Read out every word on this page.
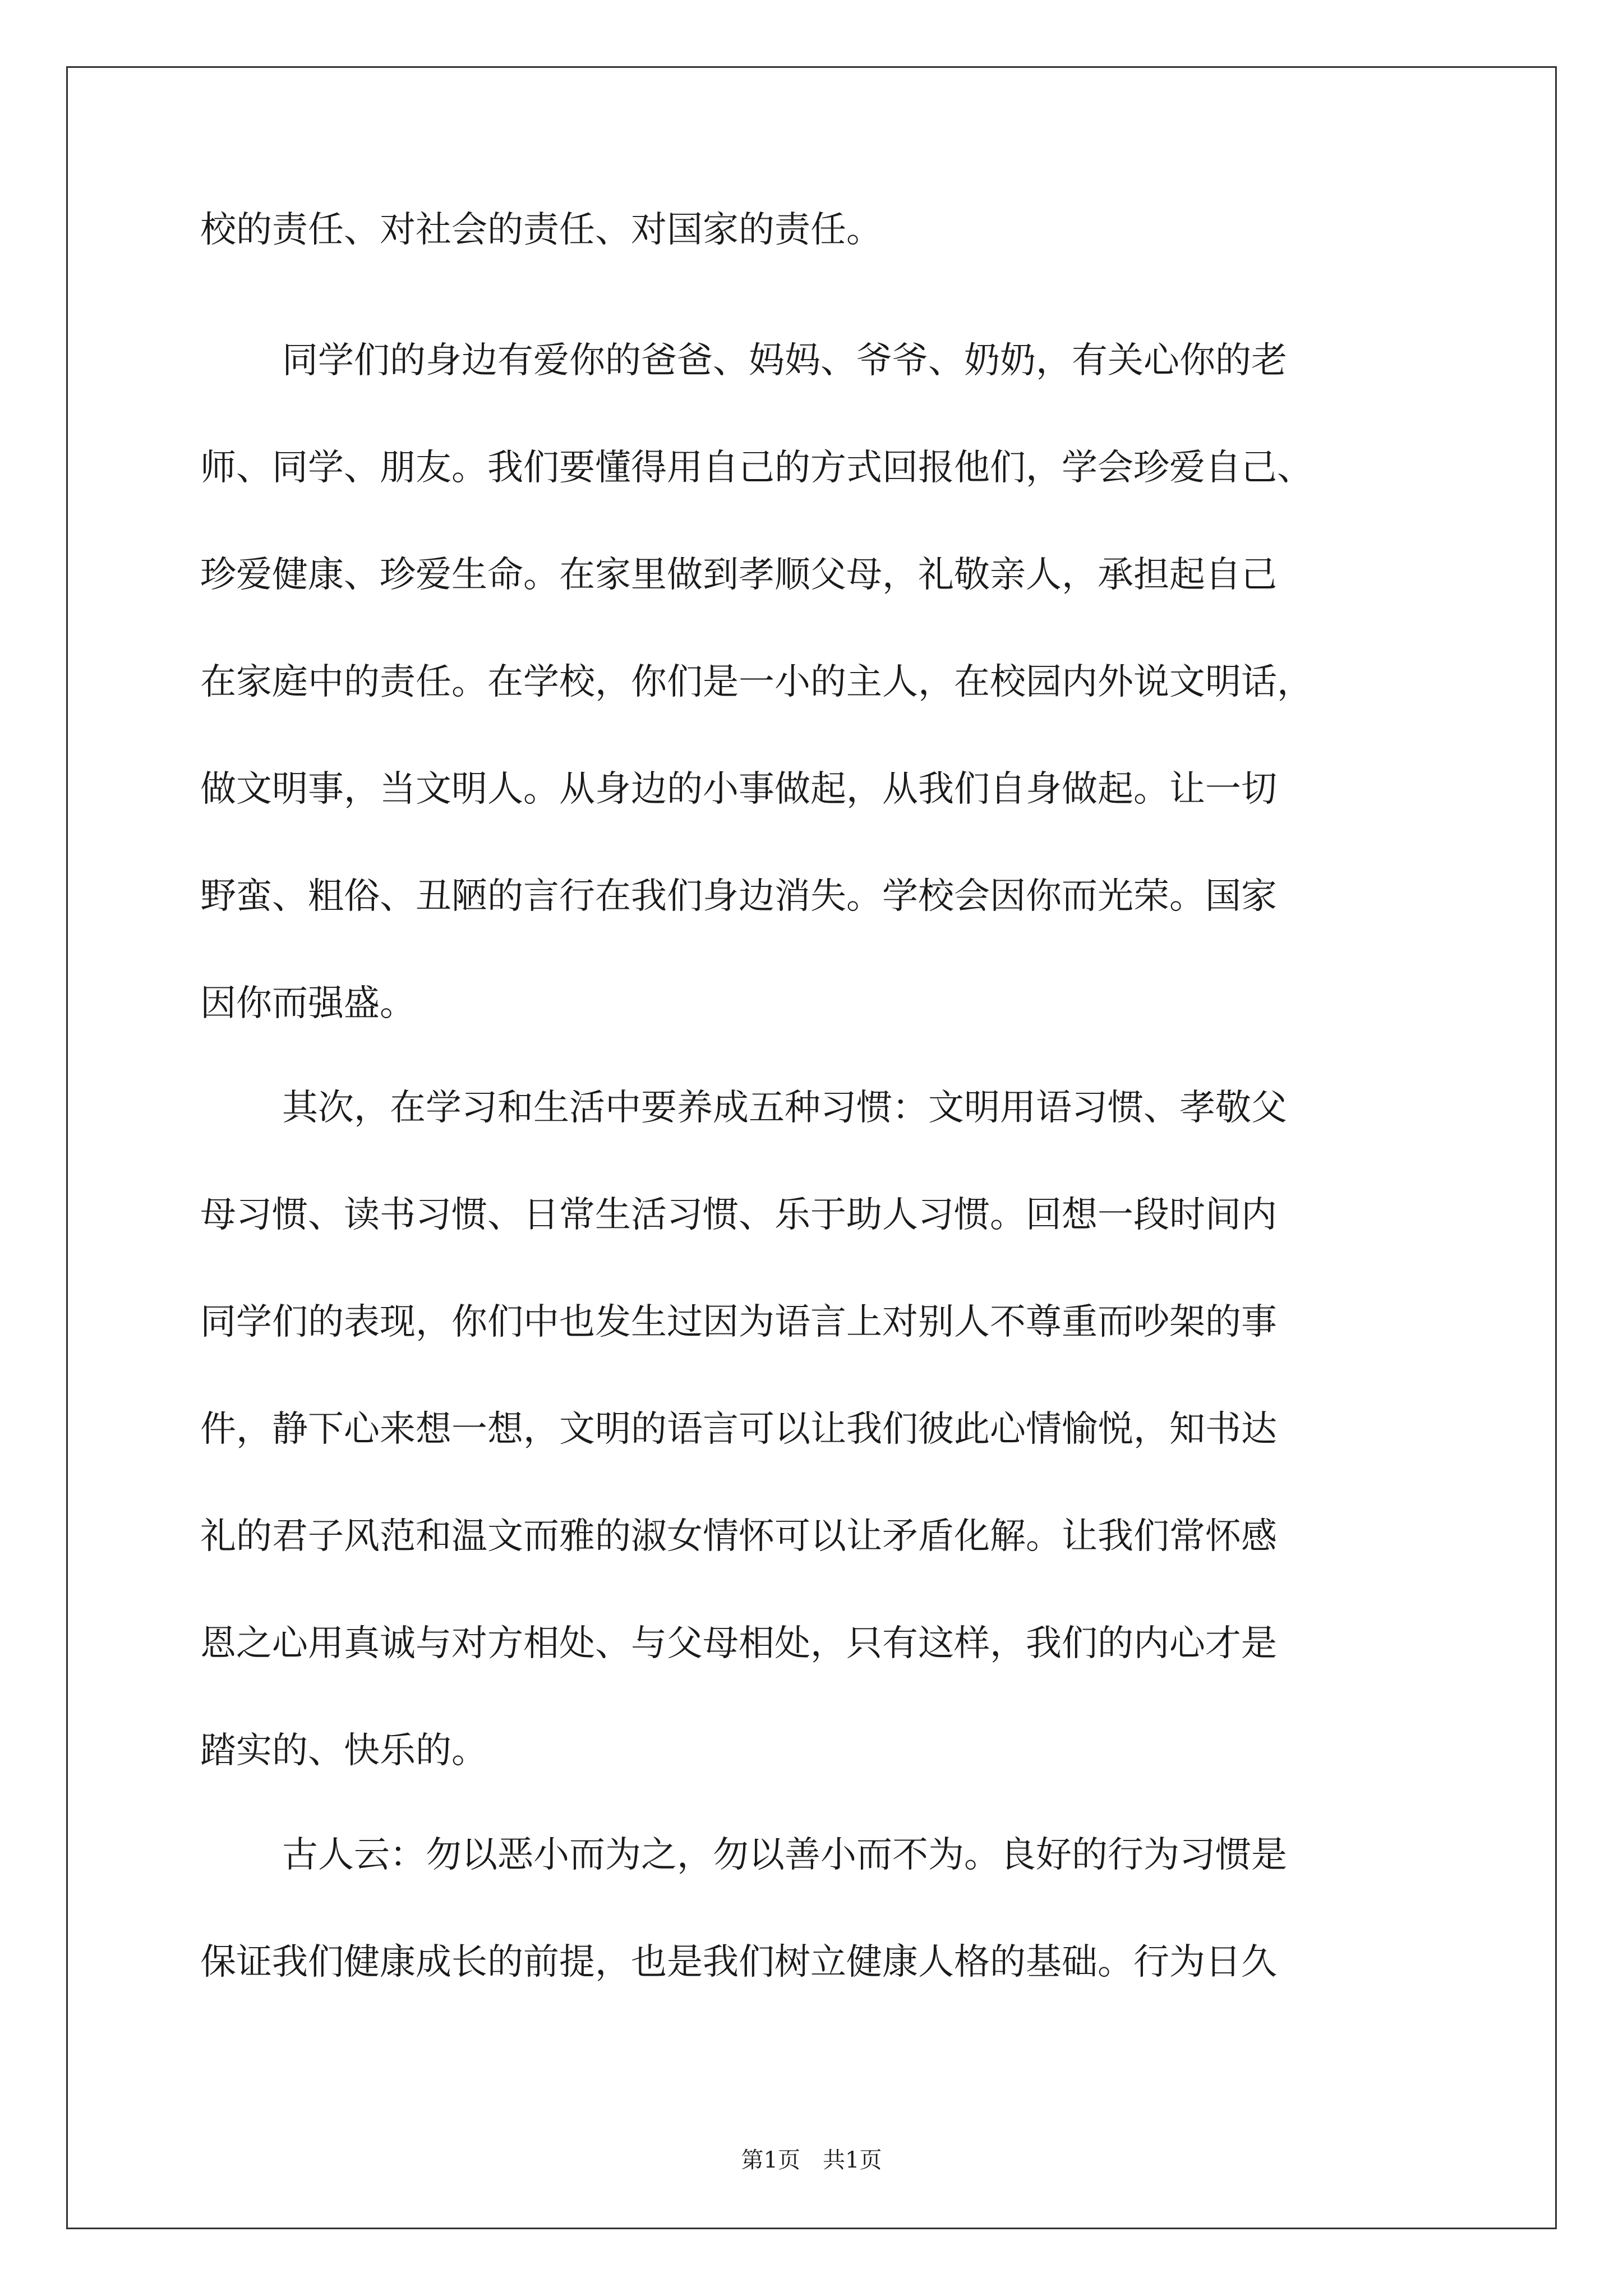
校的责任、对社会的责任、对国家的责任。
同学们的身边有爱你的爸爸、妈妈、爷爷、奶奶，有关心你的老
师、同学、朋友。我们要懂得用自己的方式回报他们，学会珍爱自己、
珍爱健康、珍爱生命。在家里做到孝顺父母，礼敬亲人，承担起自己
在家庭中的责任。在学校，你们是一小的主人，在校园内外说文明话，
做文明事，当文明人。从身边的小事做起，从我们自身做起。让一切
野蛮、粗俗、丑陋的言行在我们身边消失。学校会因你而光荣。国家
因你而强盛。
其次，在学习和生活中要养成五种习惯：文明用语习惯、孝敬父
母习惯、读书习惯、日常生活习惯、乐于助人习惯。回想一段时间内
同学们的表现，你们中也发生过因为语言上对别人不尊重而吵架的事
件，静下心来想一想，文明的语言可以让我们彼此心情愉悦，知书达
礼的君子风范和温文而雅的淑女情怀可以让矛盾化解。让我们常怀感
恩之心用真诚与对方相处、与父母相处，只有这样，我们的内心才是
踏实的、快乐的。
古人云：勿以恶小而为之，勿以善小而不为。良好的行为习惯是
保证我们健康成长的前提，也是我们树立健康人格的基础。行为日久
第1页　共1页
